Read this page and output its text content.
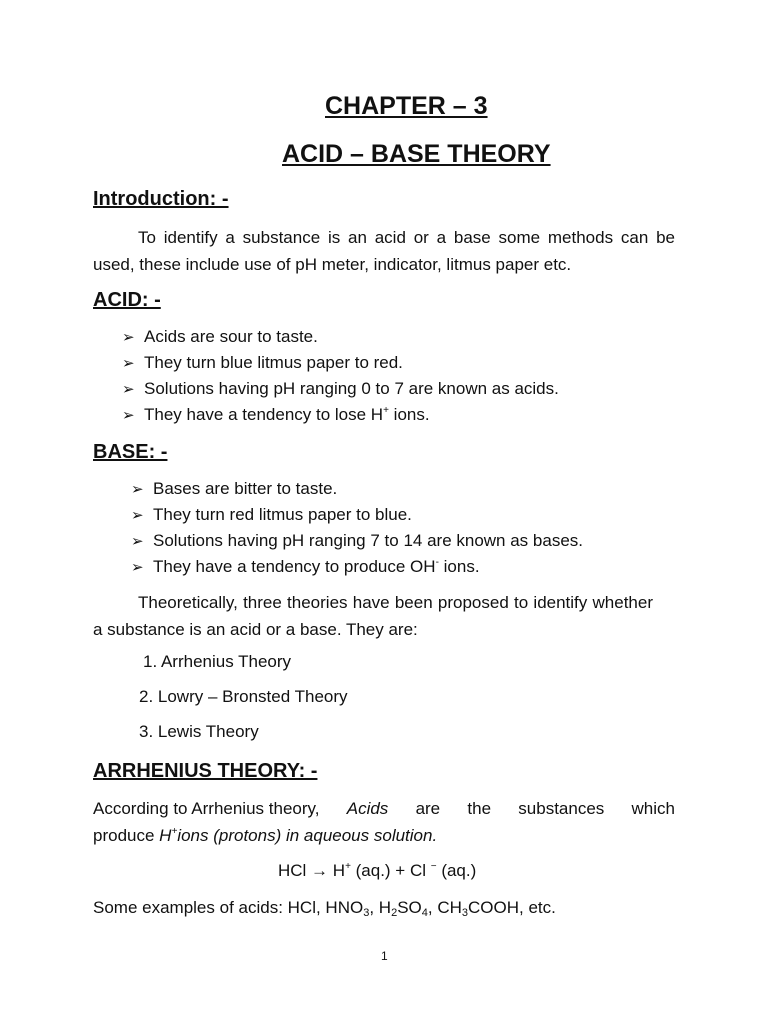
CHAPTER – 3
ACID – BASE THEORY
Introduction: -
To identify a substance is an acid or a base some methods can be used, these include use of pH meter, indicator, litmus paper etc.
ACID: -
➢ Acids are sour to taste.
➢ They turn blue litmus paper to red.
➢ Solutions having pH ranging 0 to 7 are known as acids.
➢ They have a tendency to lose H+ ions.
BASE: -
➢ Bases are bitter to taste.
➢ They turn red litmus paper to blue.
➢ Solutions having pH ranging 7 to 14 are known as bases.
➢ They have a tendency to produce OH- ions.
Theoretically, three theories have been proposed to identify whether a substance is an acid or a base. They are:
1. Arrhenius Theory
2. Lowry – Bronsted Theory
3. Lewis Theory
ARRHENIUS THEORY: -
According to Arrhenius theory, Acids are the substances which
produce H+ions (protons) in aqueous solution.
HCl → H+ (aq.) + Cl − (aq.)
Some examples of acids: HCl, $HNO_3$, $H_2SO_4$, $CH_3COOH$, etc.
1
